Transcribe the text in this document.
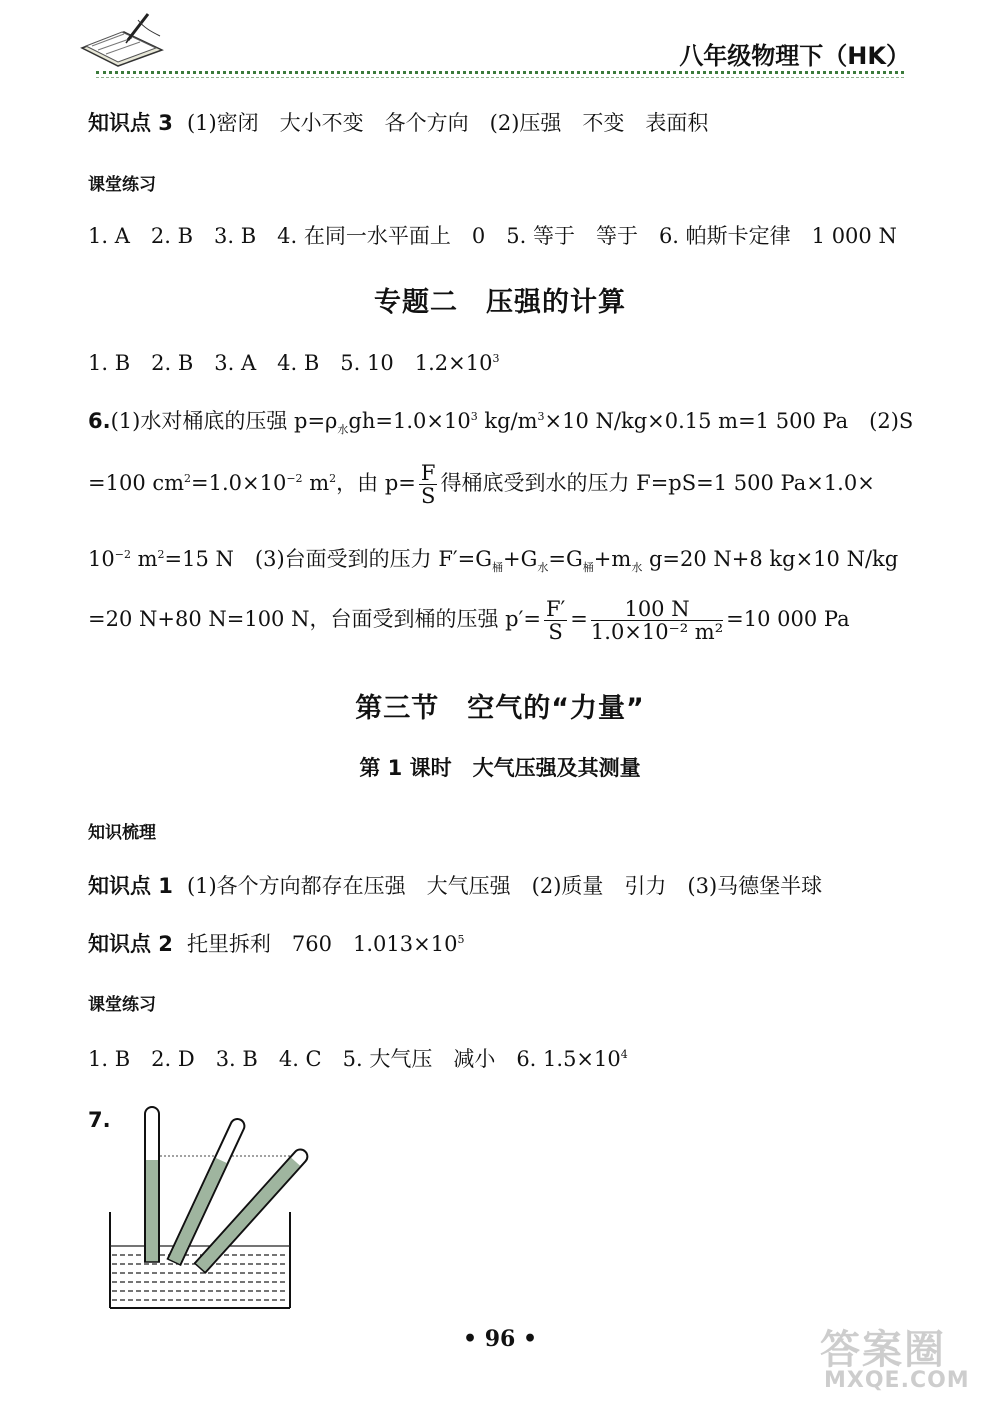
八年级物理下（HK）
知识点 3 (1)密闭　大小不变　各个方向　(2)压强　不变　表面积
课堂练习
1. A　2. B　3. B　4. 在同一水平面上　0　5. 等于　等于　6. 帕斯卡定律　1 000 N
专题二　压强的计算
1. B　2. B　3. A　4. B　5. 10　$1.2\times 10^3$
6.(1)水对桶底的压强 $p=\rho_水gh=1.0\times 10^3$ $kg/m^3\times 10$ N/kg×0.15 m=1 500 Pa　(2)S
=100 $cm^2=1.0\times 10^{-2}$ $m^2$，由 $p= \frac{F}{S}$ 得桶底受到水的压力 F=pS=1 500 Pa×1.0×
$10^{-2}$ $m^2=15$ N　(3)台面受到的压力 $F'=G_桶+G_水=G_桶+m_水$ g=20 N+8 kg×10 N/kg
=20 N+80 N=100 N，台面受到桶的压强 $p'= \frac{F'}{S} = \frac{100 N}{\text{1.0×10⁻² m²}} =10$ 000 Pa
第三节　空气的“力量”
第 1 课时　大气压强及其测量
知识梳理
知识点 1 (1)各个方向都存在压强　大气压强　(2)质量　引力　(3)马德堡半球
知识点 2 托里拆利　760　$1.013\times 10^5$
课堂练习
1. B　2. D　3. B　4. C　5. 大气压　减小　6. $1.5\times 10^4$
7.
• 96 •	答案圈
MXQE.COM
